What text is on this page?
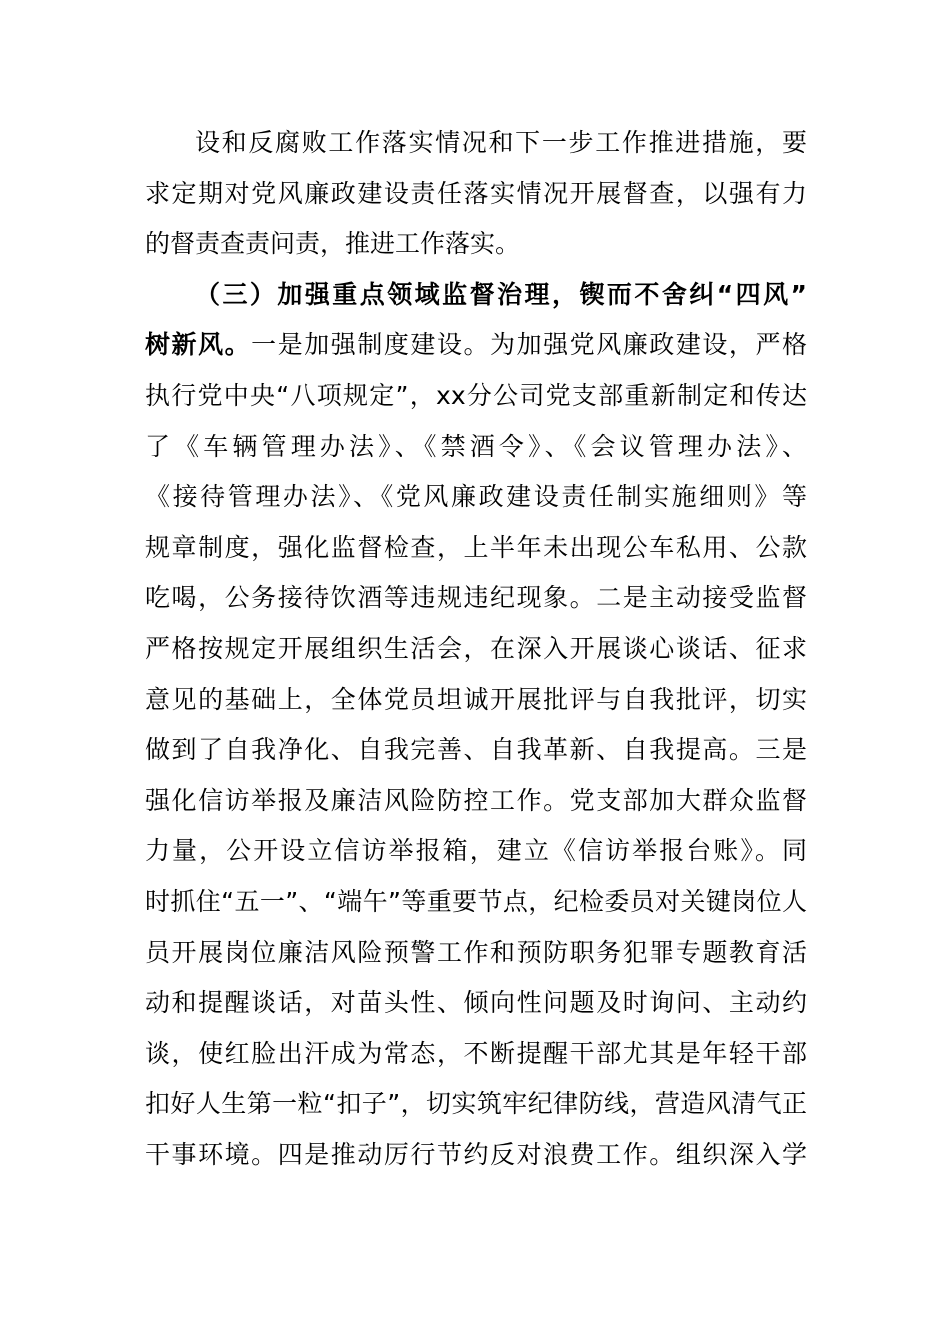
设和反腐败工作落实情况和下一步工作推进措施，要
求定期对党风廉政建设责任落实情况开展督查，以强有力
的督责查责问责，推进工作落实。
（三）加强重点领域监督治理，锲而不舍纠“四风”
树新风。一是加强制度建设。为加强党风廉政建设，严格
执行党中央“八项规定”，xx分公司党支部重新制定和传达
了《车辆管理办法》、《禁酒令》、《会议管理办法》、
《接待管理办法》、《党风廉政建设责任制实施细则》等
规章制度，强化监督检查，上半年未出现公车私用、公款
吃喝，公务接待饮酒等违规违纪现象。二是主动接受监督
严格按规定开展组织生活会，在深入开展谈心谈话、征求
意见的基础上，全体党员坦诚开展批评与自我批评，切实
做到了自我净化、自我完善、自我革新、自我提高。三是
强化信访举报及廉洁风险防控工作。党支部加大群众监督
力量，公开设立信访举报箱，建立《信访举报台账》。同
时抓住“五一”、“端午”等重要节点，纪检委员对关键岗位人
员开展岗位廉洁风险预警工作和预防职务犯罪专题教育活
动和提醒谈话，对苗头性、倾向性问题及时询问、主动约
谈，使红脸出汗成为常态，不断提醒干部尤其是年轻干部
扣好人生第一粒“扣子”，切实筑牢纪律防线，营造风清气正
干事环境。四是推动厉行节约反对浪费工作。组织深入学
